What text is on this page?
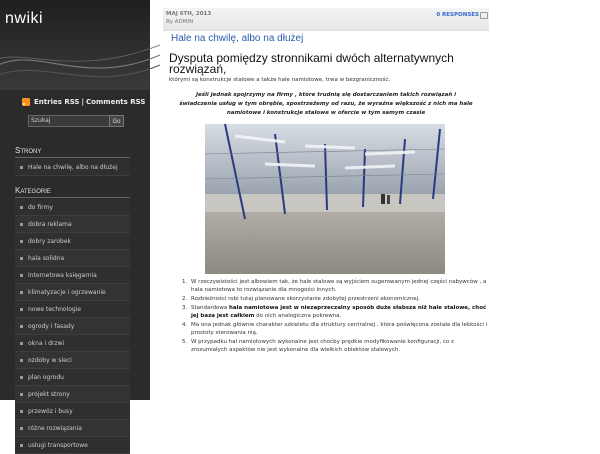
nwiki
Entries RSS | Comments RSS
Szukaj	Go
Strony
Hale na chwilę, albo na dłużej
Kategorie
do firmy
dobra reklama
dobry zarobek
hala solidna
internetowa księgarnia
klimatyzacje i ogrzewanie
nowe technologie
ogrody i fasady
okna i drzwi
ozdoby w sieci
plan ogrodu
projekt strony
przewóz i busy
różne rozwiązania
usługi transportowe
MAJ 6TH, 2013
By ADMIN
0 RESPONSES
Hale na chwilę, albo na dłużej
Dysputa pomiędzy stronnikami dwóch alternatywnych rozwiązań,
którymi są konstrukcje stalowe a także hale namiotowe, trwa w bezgraniczność.
Jeśli jednak spojrzymy na firmy , które trudnią się dostarczaniem takich rozwiązań i świadczenia usług w tym obrębie, spostrzeżemy od razu, że wyraźna większość z nich ma hale namiotowe i konstrukcje stalowe w ofercie w tym samym czasie
1. W rzeczywistości jest albowiem tak, że hale stalowe są wyjściem sugerowanym jednej części nabywców , a hala namiotowa to rozwiązanie dla mnogości innych.
2. Rozbieżności robi tutaj planowane skorzystanie zdobytej przestrzeni ekonomicznej.
3. Standardowa hala namiotowa jest w niezaprzeczalny sposób duże słabsza niż hale stalowe, choć jej baza jest całkiem do nich analogiczna pokrewna.
4. Ma ona jednak głównie charakter szkieletu dla struktury centralnej , która poświęcona została dla lekkości i prostoty sterowania nią.
5. W przypadku hal namiotowych wykonalne jest choćby prędkie modyfikowanie konfiguracji, co z zrozumiałych aspektów nie jest wykonalne dla wielkich obiektów stalowych.
